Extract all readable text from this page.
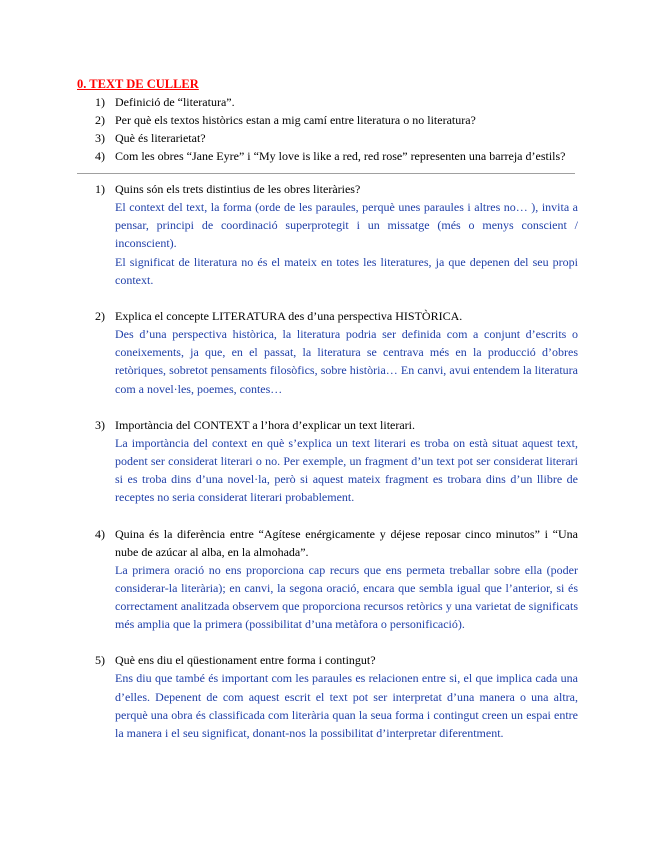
0. TEXT DE CULLER
1) Definició de “literatura”.
2) Per què els textos històrics estan a mig camí entre literatura o no literatura?
3) Què és literarietat?
4) Com les obres “Jane Eyre” i “My love is like a red, red rose” representen una barreja d’estils?
1) Quins són els trets distintius de les obres literàries?

El context del text, la forma (orde de les paraules, perquè unes paraules i altres no… ), invita a pensar, principi de coordinació superprotegit i un missatge (més o menys conscient / inconscient).

El significat de literatura no és el mateix en totes les literatures, ja que depenen del seu propi context.

2) Explica el concepte LITERATURA des d’una perspectiva HISTÒRICA.

Des d’una perspectiva històrica, la literatura podria ser definida com a conjunt d’escrits o coneixements, ja que, en el passat, la literatura se centrava més en la producció d’obres retòriques, sobretot pensaments filosòfics, sobre història… En canvi, avui entendem la literatura com a novel·les, poemes, contes…

3) Importància del CONTEXT a l’hora d’explicar un text literari.

La importància del context en què s’explica un text literari es troba on està situat aquest text, podent ser considerat literari o no. Per exemple, un fragment d’un text pot ser considerat literari si es troba dins d’una novel·la, però si aquest mateix fragment es trobara dins d’un llibre de receptes no seria considerat literari probablement.

4) Quina és la diferència entre “Agítese enérgicamente y déjese reposar cinco minutos” i “Una nube de azúcar al alba, en la almohada”.

La primera oració no ens proporciona cap recurs que ens permeta treballar sobre ella (poder considerar-la literària); en canvi, la segona oració, encara que sembla igual que l’anterior, si és correctament analitzada observem que proporciona recursos retòrics y una varietat de significats més amplia que la primera (possibilitat d’una metàfora o personificació).

5) Què ens diu el qüestionament entre forma i contingut?

Ens diu que també és important com les paraules es relacionen entre si, el que implica cada una d’elles. Depenent de com aquest escrit el text pot ser interpretat d’una manera o una altra, perquè una obra és classificada com literària quan la seua forma i contingut creen un espai entre la manera i el seu significat, donant-nos la possibilitat d’interpretar diferentment.
